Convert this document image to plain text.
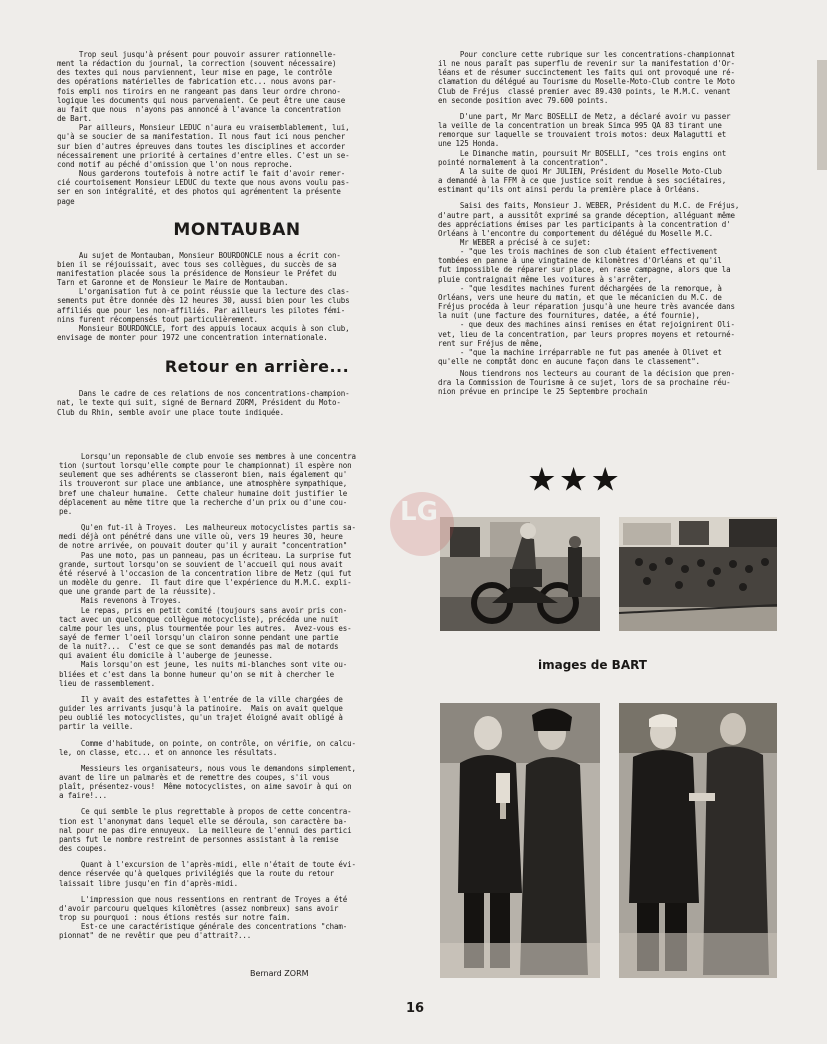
Trop seul jusqu'à présent pour pouvoir assurer rationnelle-
ment la rédaction du journal, la correction (souvent nécessaire)
des textes qui nous parviennent, leur mise en page, le contrôle
des opérations matérielles de fabrication etc... nous avons par-
fois empli nos tiroirs en ne rangeant pas dans leur ordre chrono-
logique les documents qui nous parvenaient. Ce peut être une cause
au fait que nous  n'ayons pas annoncé à l'avance la concentration
de Bart.

Par ailleurs, Monsieur LEDUC n'aura eu vraisemblablement, lui,
qu'à se soucier de sa manifestation. Il nous faut ici nous pencher
sur bien d'autres épreuves dans toutes les disciplines et accorder
nécessairement une priorité à certaines d'entre elles. C'est un se-
cond motif au péché d'omission que l'on nous reproche.

Nous garderons toutefois à notre actif le fait d'avoir remer-
cié courtoisement Monsieur LEDUC du texte que nous avons voulu pas-
ser en son intégralité, et des photos qui agrémentent la présente
page

MONTAUBAN

Au sujet de Montauban, Monsieur BOURDONCLE nous a écrit con-
bien il se réjouissait, avec tous ses collègues, du succès de sa
manifestation placée sous la présidence de Monsieur le Préfet du
Tarn et Garonne et de Monsieur le Maire de Montauban.

L'organisation fut à ce point réussie que la lecture des clas-
sements put être donnée dès 12 heures 30, aussi bien pour les clubs
affiliés que pour les non-affiliés. Par ailleurs les pilotes fémi-
nins furent récompensés tout particulièrement.

Monsieur BOURDONCLE, fort des appuis locaux acquis à son club,
envisage de monter pour 1972 une concentration internationale.

Retour en arrière...

Dans le cadre de ces relations de nos concentrations-champion-
nat, le texte qui suit, signé de Bernard ZORM, Président du Moto-
Club du Rhin, semble avoir une place toute indiquée.

Lorsqu'un reponsable de club envoie ses membres à une concentra
tion (surtout lorsqu'elle compte pour le championnat) il espère non
seulement que ses adhérents se classeront bien, mais également qu'
ils trouveront sur place une ambiance, une atmosphère sympathique,
bref une chaleur humaine.  Cette chaleur humaine doit justifier le
déplacement au même titre que la recherche d'un prix ou d'une cou-
pe.

Qu'en fut-il à Troyes.  Les malheureux motocyclistes partis sa-
medi déjà ont pénétré dans une ville où, vers 19 heures 30, heure
de notre arrivée, on pouvait douter qu'il y aurait "concentration"

Pas une moto, pas un panneau, pas un écriteau. La surprise fut
grande, surtout lorsqu'on se souvient de l'accueil qui nous avait
été réservé à l'occasion de la concentration libre de Metz (qui fut
un modèle du genre.  Il faut dire que l'expérience du M.M.C. expli-
que une grande part de la réussite).

Mais revenons à Troyes.

Le repas, pris en petit comité (toujours sans avoir pris con-
tact avec un quelconque collègue motocycliste), précéda une nuit
calme pour les uns, plus tourmentée pour les autres.  Avez-vous es-
sayé de fermer l'oeil lorsqu'un clairon sonne pendant une partie
de la nuit?...  C'est ce que se sont demandés pas mal de motards
qui avaient élu domicile à l'auberge de jeunesse.

Mais lorsqu'on est jeune, les nuits mi-blanches sont vite ou-
bliées et c'est dans la bonne humeur qu'on se mit à chercher le
lieu de rassemblement.

Il y avait des estafettes à l'entrée de la ville chargées de
guider les arrivants jusqu'à la patinoire.  Mais on avait quelque
peu oublié les motocyclistes, qu'un trajet éloigné avait obligé à
partir la veille.

Comme d'habitude, on pointe, on contrôle, on vérifie, on calcu-
le, on classe, etc... et on annonce les résultats.

Messieurs les organisateurs, nous vous le demandons simplement,
avant de lire un palmarès et de remettre des coupes, s'il vous
plaît, présentez-vous!  Même motocyclistes, on aime savoir à qui on
a faire!...

Ce qui semble le plus regrettable à propos de cette concentra-
tion est l'anonymat dans lequel elle se déroula, son caractère ba-
nal pour ne pas dire ennuyeux.  La meilleure de l'ennui des partici
pants fut le nombre restreint de personnes assistant à la remise
des coupes.

Quant à l'excursion de l'après-midi, elle n'était de toute évi-
dence réservée qu'à quelques privilégiés que la route du retour
laissait libre jusqu'en fin d'après-midi.

L'impression que nous ressentions en rentrant de Troyes a été
d'avoir parcouru quelques kilomètres (assez nombreux) sans avoir
trop su pourquoi : nous étions restés sur notre faim.

Est-ce une caractéristique générale des concentrations "cham-
pionnat" de ne revêtir que peu d'attrait?...

Bernard ZORM

Pour conclure cette rubrique sur les concentrations-championnat
il ne nous paraît pas superflu de revenir sur la manifestation d'Or-
léans et de résumer succinctement les faits qui ont provoqué une ré-
clamation du délégué au Tourisme du Moselle-Moto-Club contre le Moto
Club de Fréjus  classé premier avec 89.430 points, le M.M.C. venant
en seconde position avec 79.600 points.

D'une part, Mr Marc BOSELLI de Metz, a déclaré avoir vu passer
la veille de la concentration un break Simca 995 QA 83 tirant une
remorque sur laquelle se trouvaient trois motos: deux Malagutti et
une 125 Honda.

Le Dimanche matin, poursuit Mr BOSELLI, "ces trois engins ont
pointé normalement à la concentration".

A la suite de quoi Mr JULIEN, Président du Moselle Moto-Club
a demandé à la FFM à ce que justice soit rendue à ses sociétaires,
estimant qu'ils ont ainsi perdu la première place à Orléans.

Saisi des faits, Monsieur J. WEBER, Président du M.C. de Fréjus,
d'autre part, a aussitôt exprimé sa grande déception, alléguant même
des appréciations émises par les participants à la concentration d'
Orléans à l'encontre du comportement du délégué du Moselle M.C.

Mr WEBER a précisé à ce sujet:

- "que les trois machines de son club étaient effectivement
tombées en panne à une vingtaine de kilomètres d'Orléans et qu'il
fut impossible de réparer sur place, en rase campagne, alors que la
pluie contraignait même les voitures à s'arrêter,

- "que lesdites machines furent déchargées de la remorque, à
Orléans, vers une heure du matin, et que le mécanicien du M.C. de
Fréjus procéda à leur réparation jusqu'à une heure très avancée dans
la nuit (une facture des fournitures, datée, a été fournie),

- que deux des machines ainsi remises en état rejoignirent Oli-
vet, lieu de la concentration, par leurs propres moyens et retourné-
rent sur Fréjus de même,

- "que la machine irréparrable ne fut pas amenée à Olivet et
qu'elle ne comptât donc en aucune façon dans le classement".

Nous tiendrons nos lecteurs au courant de la décision que pren-
dra la Commission de Tourisme à ce sujet, lors de sa prochaine réu-
nion prévue en principe le 25 Septembre prochain

★★★
images de BART
LG
16
